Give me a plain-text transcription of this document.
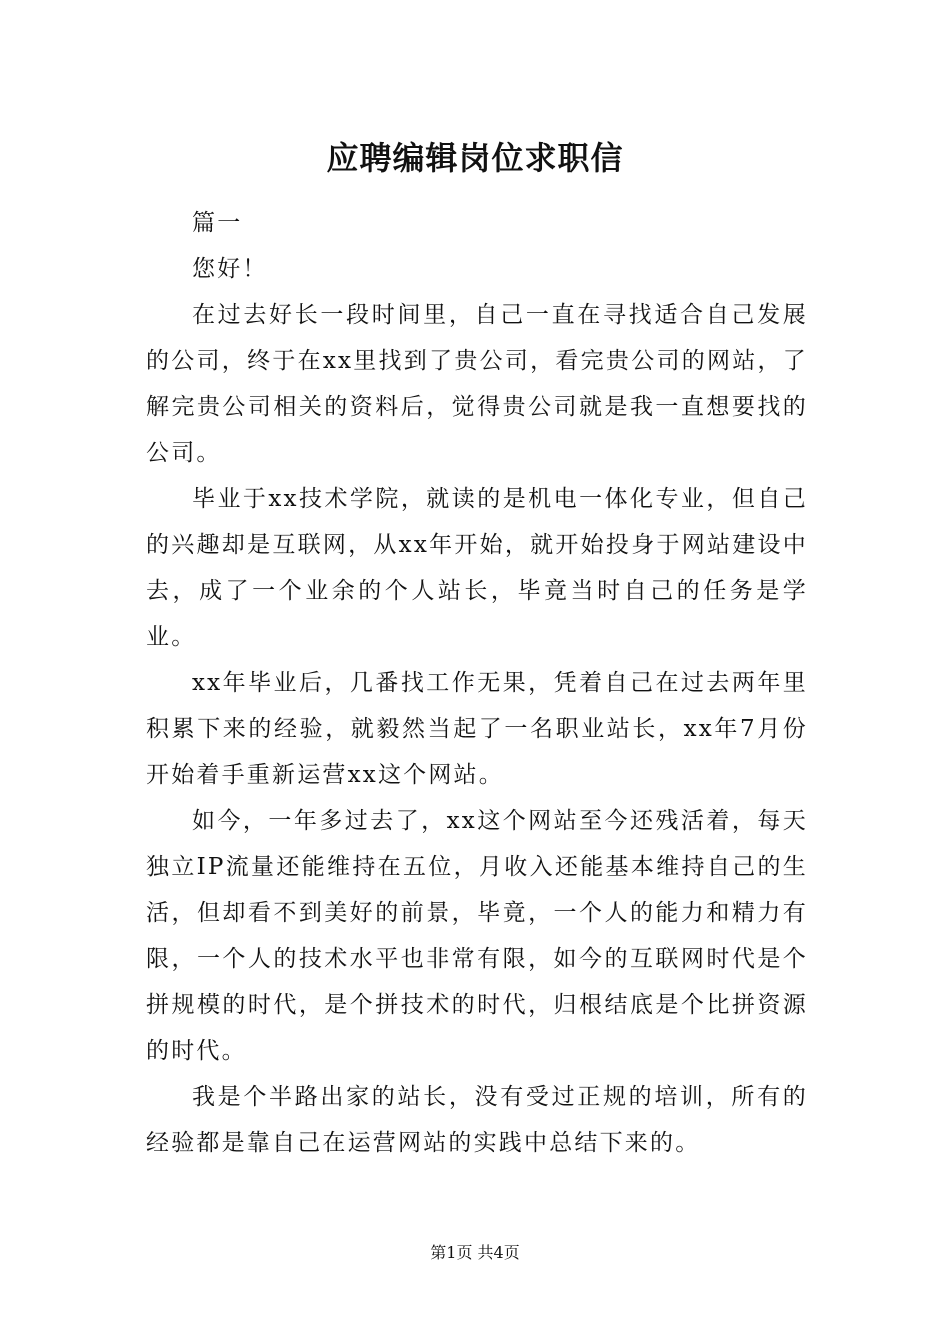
应聘编辑岗位求职信

篇一

您好！

在过去好长一段时间里，自己一直在寻找适合自己发展的公司，终于在xx里找到了贵公司，看完贵公司的网站，了解完贵公司相关的资料后，觉得贵公司就是我一直想要找的公司。

毕业于xx技术学院，就读的是机电一体化专业，但自己的兴趣却是互联网，从xx年开始，就开始投身于网站建设中去，成了一个业余的个人站长，毕竟当时自己的任务是学业。

xx年毕业后，几番找工作无果，凭着自己在过去两年里积累下来的经验，就毅然当起了一名职业站长，xx年7月份开始着手重新运营xx这个网站。

如今，一年多过去了，xx这个网站至今还残活着，每天独立IP流量还能维持在五位，月收入还能基本维持自己的生活，但却看不到美好的前景，毕竟，一个人的能力和精力有限，一个人的技术水平也非常有限，如今的互联网时代是个拼规模的时代，是个拼技术的时代，归根结底是个比拼资源的时代。

我是个半路出家的站长，没有受过正规的培训，所有的经验都是靠自己在运营网站的实践中总结下来的。

第1页 共4页
